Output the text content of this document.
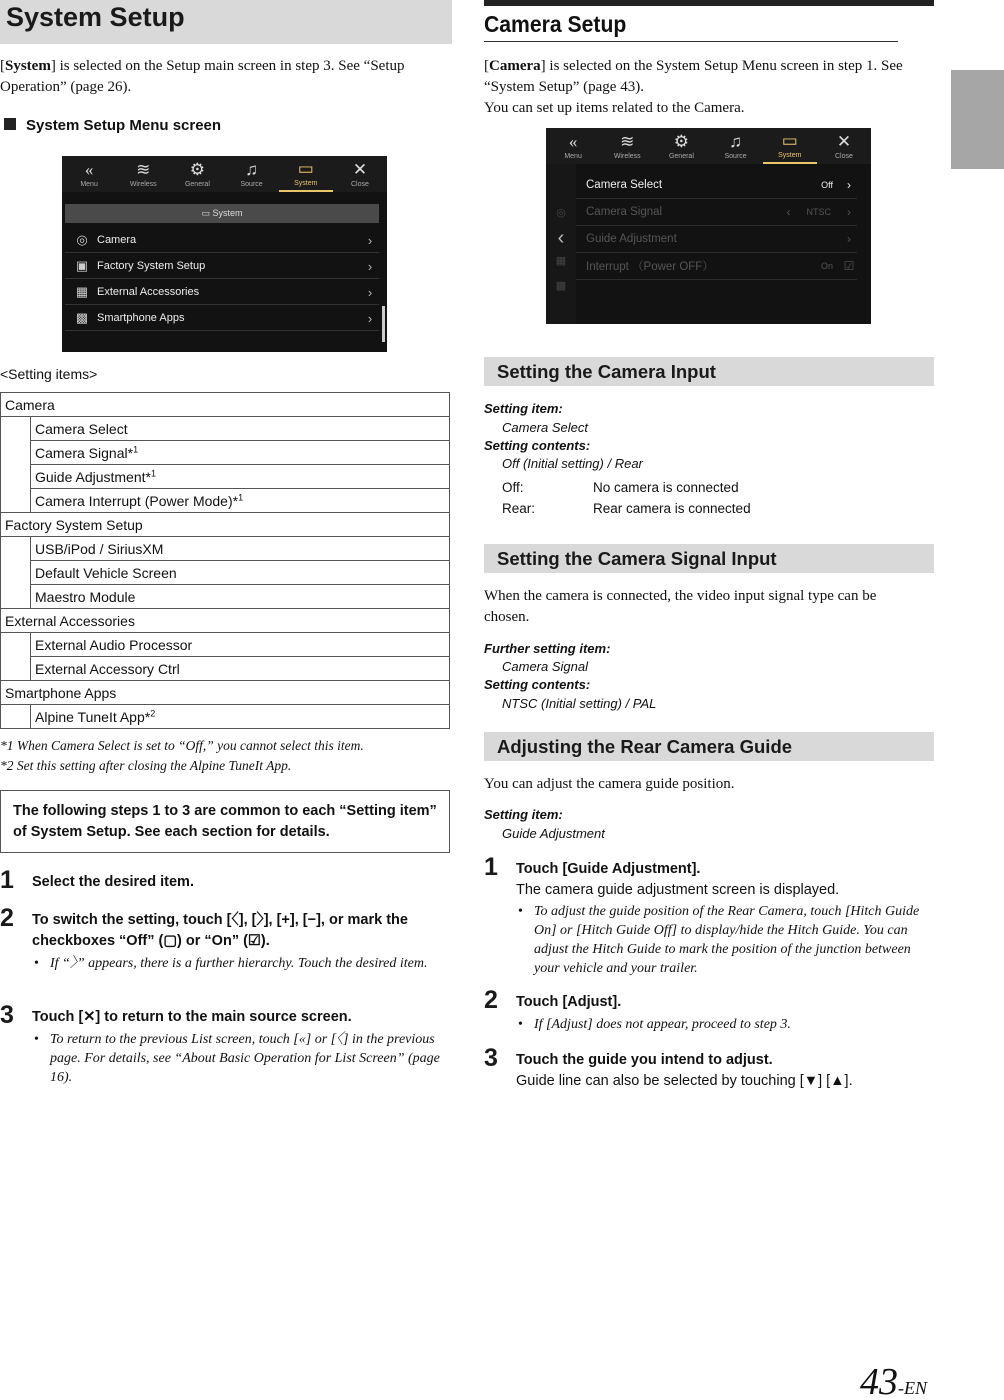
System Setup

[System] is selected on the Setup main screen in step 3. See “Setup Operation” (page 26).

System Setup Menu screen
«
Menu
≋
Wireless
⚙
General
♫
Source
▭
System
✕
Close
▭ System
◎ Camera	›
▣ Factory System Setup	›
▦ External Accessories	›
▩ Smartphone Apps	›
<Setting items>
Camera	
	Camera Select
	Camera Signal*$^1$
	Guide Adjustment*$^1$
	Camera Interrupt (Power Mode)*$^1$
Factory System Setup	
	USB/iPod / SiriusXM
	Default Vehicle Screen
	Maestro Module
External Accessories	
	External Audio Processor
	External Accessory Ctrl
Smartphone Apps	
	Alpine TuneIt App*$^2$
*1 When Camera Select is set to “Off,” you cannot select this item.
*2 Set this setting after closing the Alpine TuneIt App.
The following steps 1 to 3 are common to each “Setting item” of System Setup. See each section for details.
1 Select the desired item.
2 To switch the setting, touch [〈], [〉], [+], [−], or mark the checkboxes “Off” (▢) or “On” (☑).
• If “〉” appears, there is a further hierarchy. Touch the desired item.
3 Touch [✕] to return to the main source screen.
• To return to the previous List screen, touch [«] or [〈] in the previous page. For details, see “About Basic Operation for List Screen” (page 16).
Camera Setup

[Camera] is selected on the System Setup Menu screen in step 1. See “System Setup” (page 43).
You can set up items related to the Camera.

«
Menu
≋
Wireless
⚙
General
♫
Source
▭
System
✕
Close
◎
‹
▦
▩
Camera Select	Off	›
Camera Signal	‹	NTSC	›
Guide Adjustment	›
Interrupt （Power OFF）	On ☑
Setting the Camera Input
Setting item:
Camera Select
Setting contents:
Off (Initial setting) / Rear
Off:	No camera is connected
Rear:	Rear camera is connected
Setting the Camera Signal Input
When the camera is connected, the video input signal type can be chosen.
Further setting item:
Camera Signal
Setting contents:
NTSC (Initial setting) / PAL
Adjusting the Rear Camera Guide
You can adjust the camera guide position.
Setting item:
Guide Adjustment
1 Touch [Guide Adjustment].
The camera guide adjustment screen is displayed.
• To adjust the guide position of the Rear Camera, touch [Hitch Guide On] or [Hitch Guide Off] to display/hide the Hitch Guide. You can adjust the Hitch Guide to mark the position of the junction between your vehicle and your trailer.
2 Touch [Adjust].
• If [Adjust] does not appear, proceed to step 3.
3 Touch the guide you intend to adjust.
Guide line can also be selected by touching [▼] [▲].
43-EN
